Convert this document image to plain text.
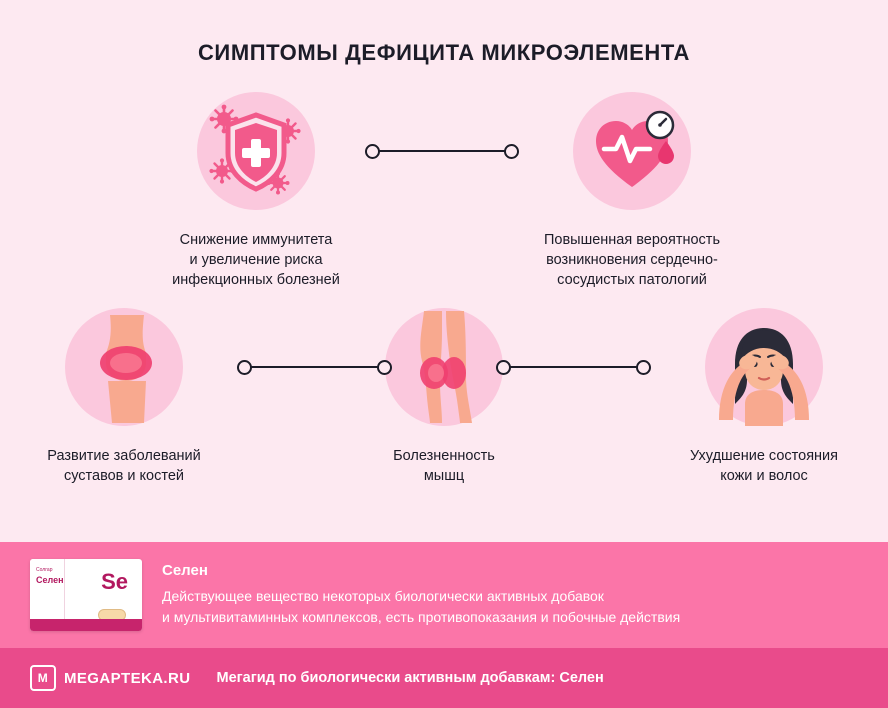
СИМПТОМЫ ДЕФИЦИТА МИКРОЭЛЕМЕНТА
Снижение иммунитета
и увеличение риска
инфекционных болезней
Повышенная вероятность
возникновения сердечно-
сосудистых патологий
Развитие заболеваний
суставов и костей
Болезненность
мышц
Ухудшение состояния
кожи и волос
Солгар
Селен Se Селен
Действующее вещество некоторых биологически активных добавок
и мультивитаминных комплексов, есть противопоказания и побочные действия
M	MEGAPTEKA.RU Мегагид по биологически активным добавкам: Селен
